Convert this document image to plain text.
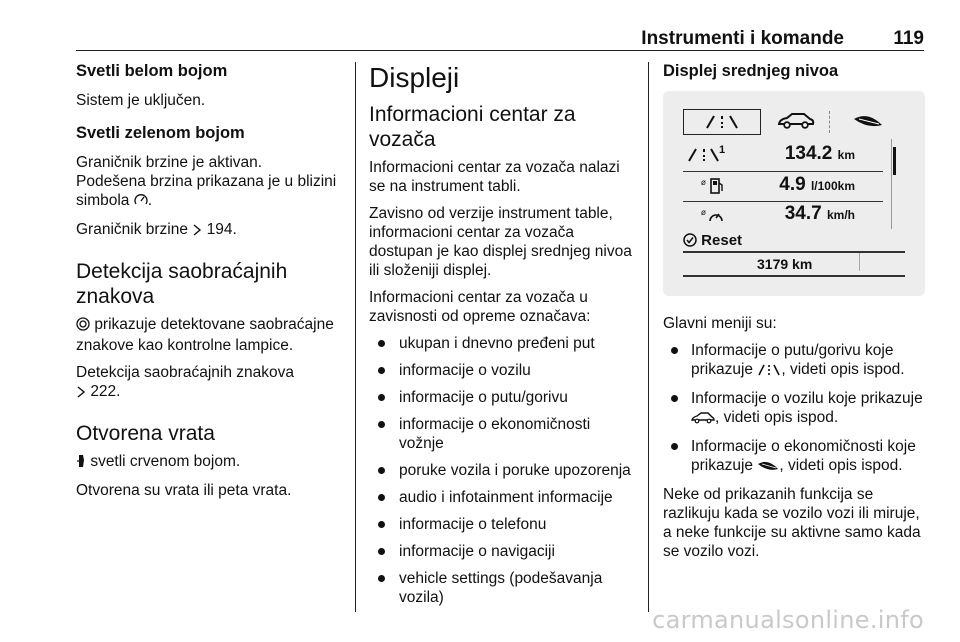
Instrumenti i komande	119
Svetli belom bojom

Sistem je uključen.

Svetli zelenom bojom

Graničnik brzine je aktivan.
Podešena brzina prikazana je u blizini simbola .

Graničnik brzine 194.

Detekcija saobraćajnih znakova

prikazuje detektovane saobraćajne znakove kao kontrolne lampice.

Detekcija saobraćajnih znakova
222.

Otvorena vrata

svetli crvenom bojom.

Otvorena su vrata ili peta vrata.

Displeji
Informacioni centar za vozača

Informacioni centar za vozača nalazi se na instrument tabli.

Zavisno od verzije instrument table, informacioni centar za vozača dostupan je kao displej srednjeg nivoa ili složeniji displej.

Informacioni centar za vozača u zavisnosti od opreme označava:

ukupan i dnevno pređeni put
informacije o vozilu
informacije o putu/gorivu
informacije o ekonomičnosti vožnje
poruke vozila i poruke upozorenja
audio i infotainment informacije
informacije o telefonu
informacije o navigaciji
vehicle settings (podešavanja vozila)
Displej srednjeg nivoa
1	134.2 km
ø	4.9 l/100km
ø	34.7 km/h
Reset
3179 km

Glavni meniji su:

Informacije o putu/gorivu koje prikazuje , videti opis ispod.
Informacije o vozilu koje prikazuje , videti opis ispod.
Informacije o ekonomičnosti koje prikazuje , videti opis ispod.

Neke od prikazanih funkcija se razlikuju kada se vozilo vozi ili miruje, a neke funkcije su aktivne samo kada se vozilo vozi.

carmanualsonline.info
